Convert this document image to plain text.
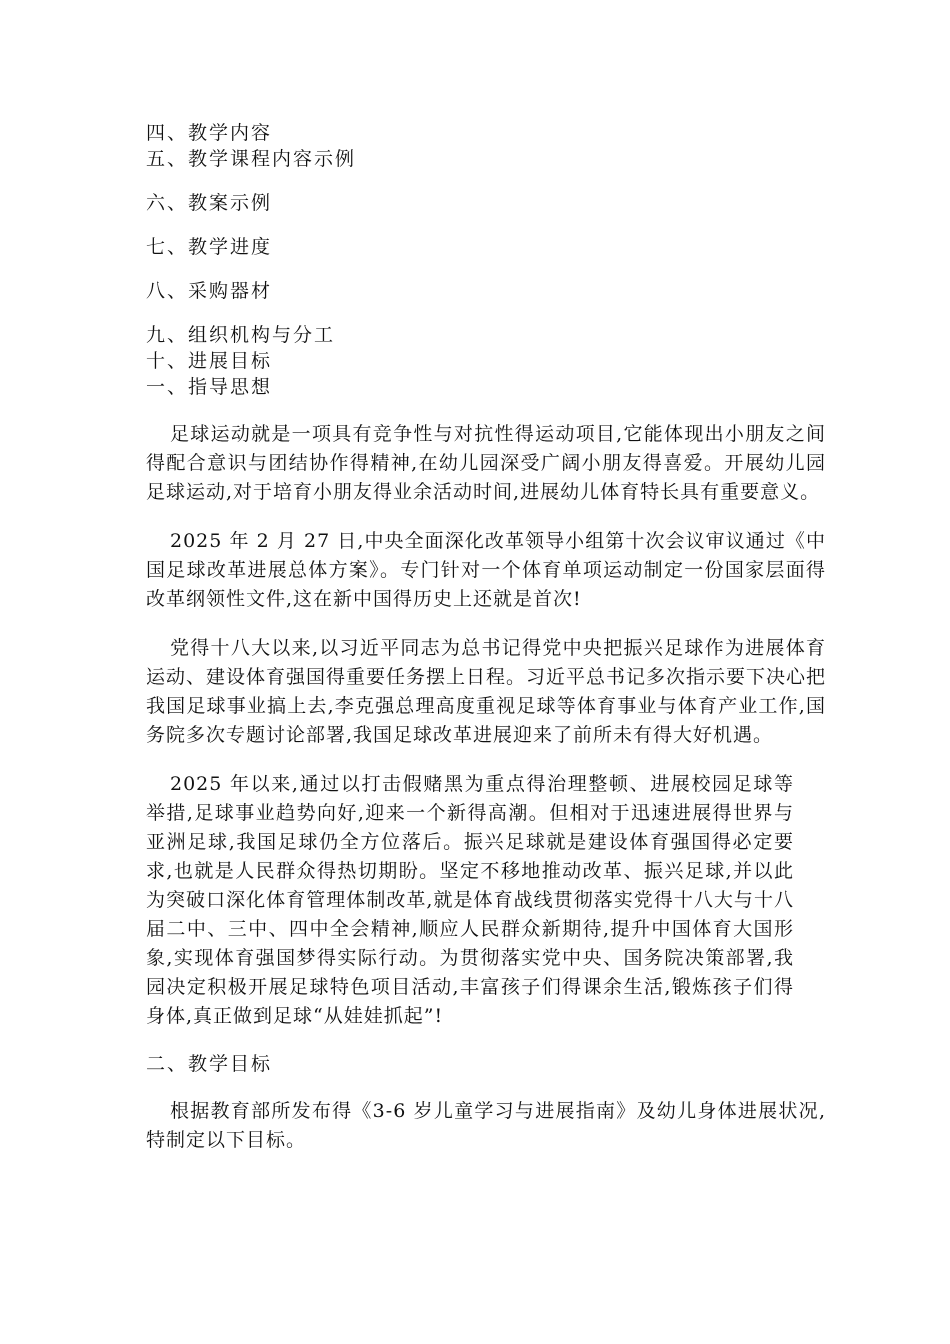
四、教学内容
五、教学课程内容示例
六、教案示例
七、教学进度
八、采购器材
九、组织机构与分工
十、进展目标
一、指导思想

足球运动就是一项具有竞争性与对抗性得运动项目,它能体现出小朋友之间得配合意识与团结协作得精神,在幼儿园深受广阔小朋友得喜爱。开展幼儿园足球运动,对于培育小朋友得业余活动时间,进展幼儿体育特长具有重要意义。

2025 年 2 月 27 日,中央全面深化改革领导小组第十次会议审议通过《中国足球改革进展总体方案》。专门针对一个体育单项运动制定一份国家层面得改革纲领性文件,这在新中国得历史上还就是首次!

党得十八大以来,以习近平同志为总书记得党中央把振兴足球作为进展体育运动、建设体育强国得重要任务摆上日程。习近平总书记多次指示要下决心把我国足球事业搞上去,李克强总理高度重视足球等体育事业与体育产业工作,国务院多次专题讨论部署,我国足球改革进展迎来了前所未有得大好机遇。

2025 年以来,通过以打击假赌黑为重点得治理整顿、进展校园足球等举措,足球事业趋势向好,迎来一个新得高潮。但相对于迅速进展得世界与亚洲足球,我国足球仍全方位落后。振兴足球就是建设体育强国得必定要求,也就是人民群众得热切期盼。坚定不移地推动改革、振兴足球,并以此为突破口深化体育管理体制改革,就是体育战线贯彻落实党得十八大与十八届二中、三中、四中全会精神,顺应人民群众新期待,提升中国体育大国形象,实现体育强国梦得实际行动。为贯彻落实党中央、国务院决策部署,我园决定积极开展足球特色项目活动,丰富孩子们得课余生活,锻炼孩子们得身体,真正做到足球“从娃娃抓起”!

二、教学目标

根据教育部所发布得《3-6 岁儿童学习与进展指南》及幼儿身体进展状况,特制定以下目标。
